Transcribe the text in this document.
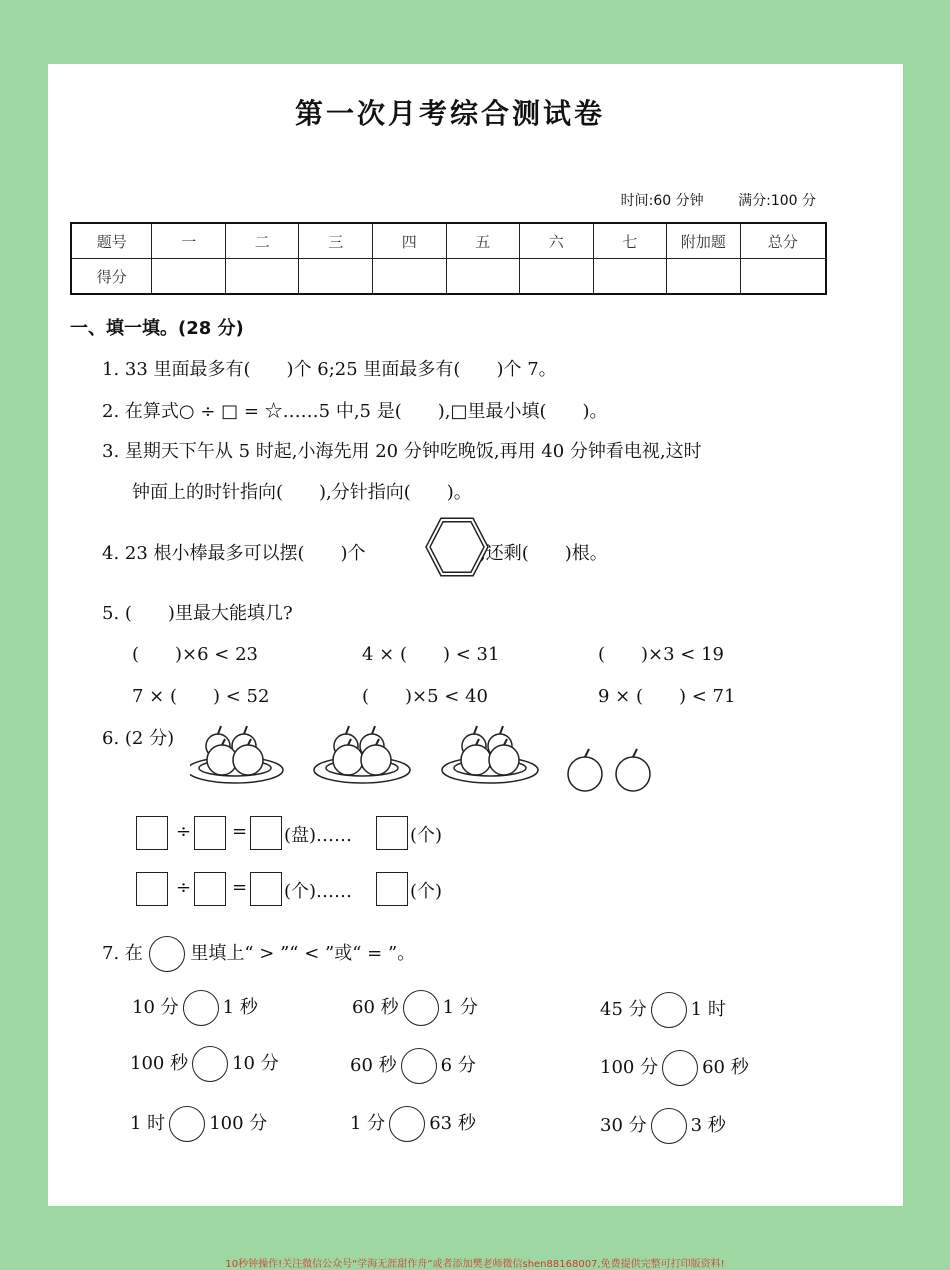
第一次月考综合测试卷
时间:60 分钟 满分:100 分
题号	一	二	三	四	五	六	七	附加题	总分
得分									
一、填一填。(28 分)
1. 33 里面最多有(　　)个 6;25 里面最多有(　　)个 7。
2. 在算式○ ÷ □ = ☆……5 中,5 是(　　),□里最小填(　　)。
3. 星期天下午从 5 时起,小海先用 20 分钟吃晚饭,再用 40 分钟看电视,这时
钟面上的时针指向(　　),分针指向(　　)。
4. 23 根小棒最多可以摆(　　)个	,还剩(　　)根。
5. (　　)里最大能填几?
(　　)×6 < 23	4 × (　　) < 31	(　　)×3 < 19
7 × (　　) < 52	(　　)×5 < 40	9 × (　　) < 71
6. (2 分)
÷ = (盘)……	(个)
÷ = (个)……	(个)
7. 在	里填上“ > ”“ < ”或“ = ”。
10 分 1 秒	60 秒 1 分	45 分 1 时
100 秒 10 分	60 秒 6 分	100 分 60 秒
1 时 100 分	1 分 63 秒	30 分 3 秒
10秒钟操作!关注微信公众号“学海无涯甜作舟”或者添加樊老师微信shen88168007,免费提供完整可打印版资料!
